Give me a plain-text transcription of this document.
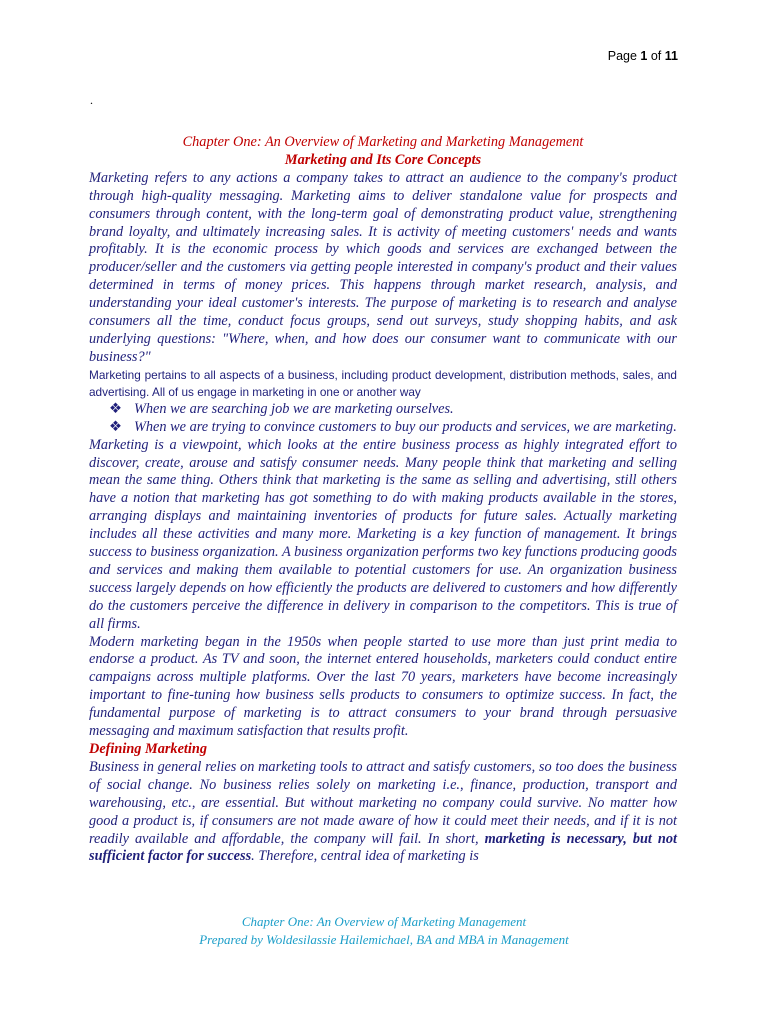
Page 1 of 11
.
Chapter One: An Overview of Marketing and Marketing Management
Marketing and Its Core Concepts

Marketing refers to any actions a company takes to attract an audience to the company's product through high-quality messaging. Marketing aims to deliver standalone value for prospects and consumers through content, with the long-term goal of demonstrating product value, strengthening brand loyalty, and ultimately increasing sales. It is activity of meeting customers' needs and wants profitably. It is the economic process by which goods and services are exchanged between the producer/seller and the customers via getting people interested in company's product and their values determined in terms of money prices. This happens through market research, analysis, and understanding your ideal customer's interests. The purpose of marketing is to research and analyse consumers all the time, conduct focus groups, send out surveys, study shopping habits, and ask underlying questions: "Where, when, and how does our consumer want to communicate with our business?"

Marketing pertains to all aspects of a business, including product development, distribution methods, sales, and advertising. All of us engage in marketing in one or another way

❖ When we are searching job we are marketing ourselves.
❖ When we are trying to convince customers to buy our products and services, we are marketing.

Marketing is a viewpoint, which looks at the entire business process as highly integrated effort to discover, create, arouse and satisfy consumer needs. Many people think that marketing and selling mean the same thing. Others think that marketing is the same as selling and advertising, still others have a notion that marketing has got something to do with making products available in the stores, arranging displays and maintaining inventories of products for future sales. Actually marketing includes all these activities and many more. Marketing is a key function of management. It brings success to business organization. A business organization performs two key functions producing goods and services and making them available to potential customers for use. An organization business success largely depends on how efficiently the products are delivered to customers and how differently do the customers perceive the difference in delivery in comparison to the competitors. This is true of all firms.

Modern marketing began in the 1950s when people started to use more than just print media to endorse a product. As TV and soon, the internet entered households, marketers could conduct entire campaigns across multiple platforms. Over the last 70 years, marketers have become increasingly important to fine-tuning how business sells products to consumers to optimize success. In fact, the fundamental purpose of marketing is to attract consumers to your brand through persuasive messaging and maximum satisfaction that results profit.

Defining Marketing

Business in general relies on marketing tools to attract and satisfy customers, so too does the business of social change. No business relies solely on marketing i.e., finance, production, transport and warehousing, etc., are essential. But without marketing no company could survive. No matter how good a product is, if consumers are not made aware of how it could meet their needs, and if it is not readily available and affordable, the company will fail. In short, marketing is necessary, but not sufficient factor for success. Therefore, central idea of marketing is

Chapter One: An Overview of Marketing Management
Prepared by Woldesilassie Hailemichael, BA and MBA in Management
